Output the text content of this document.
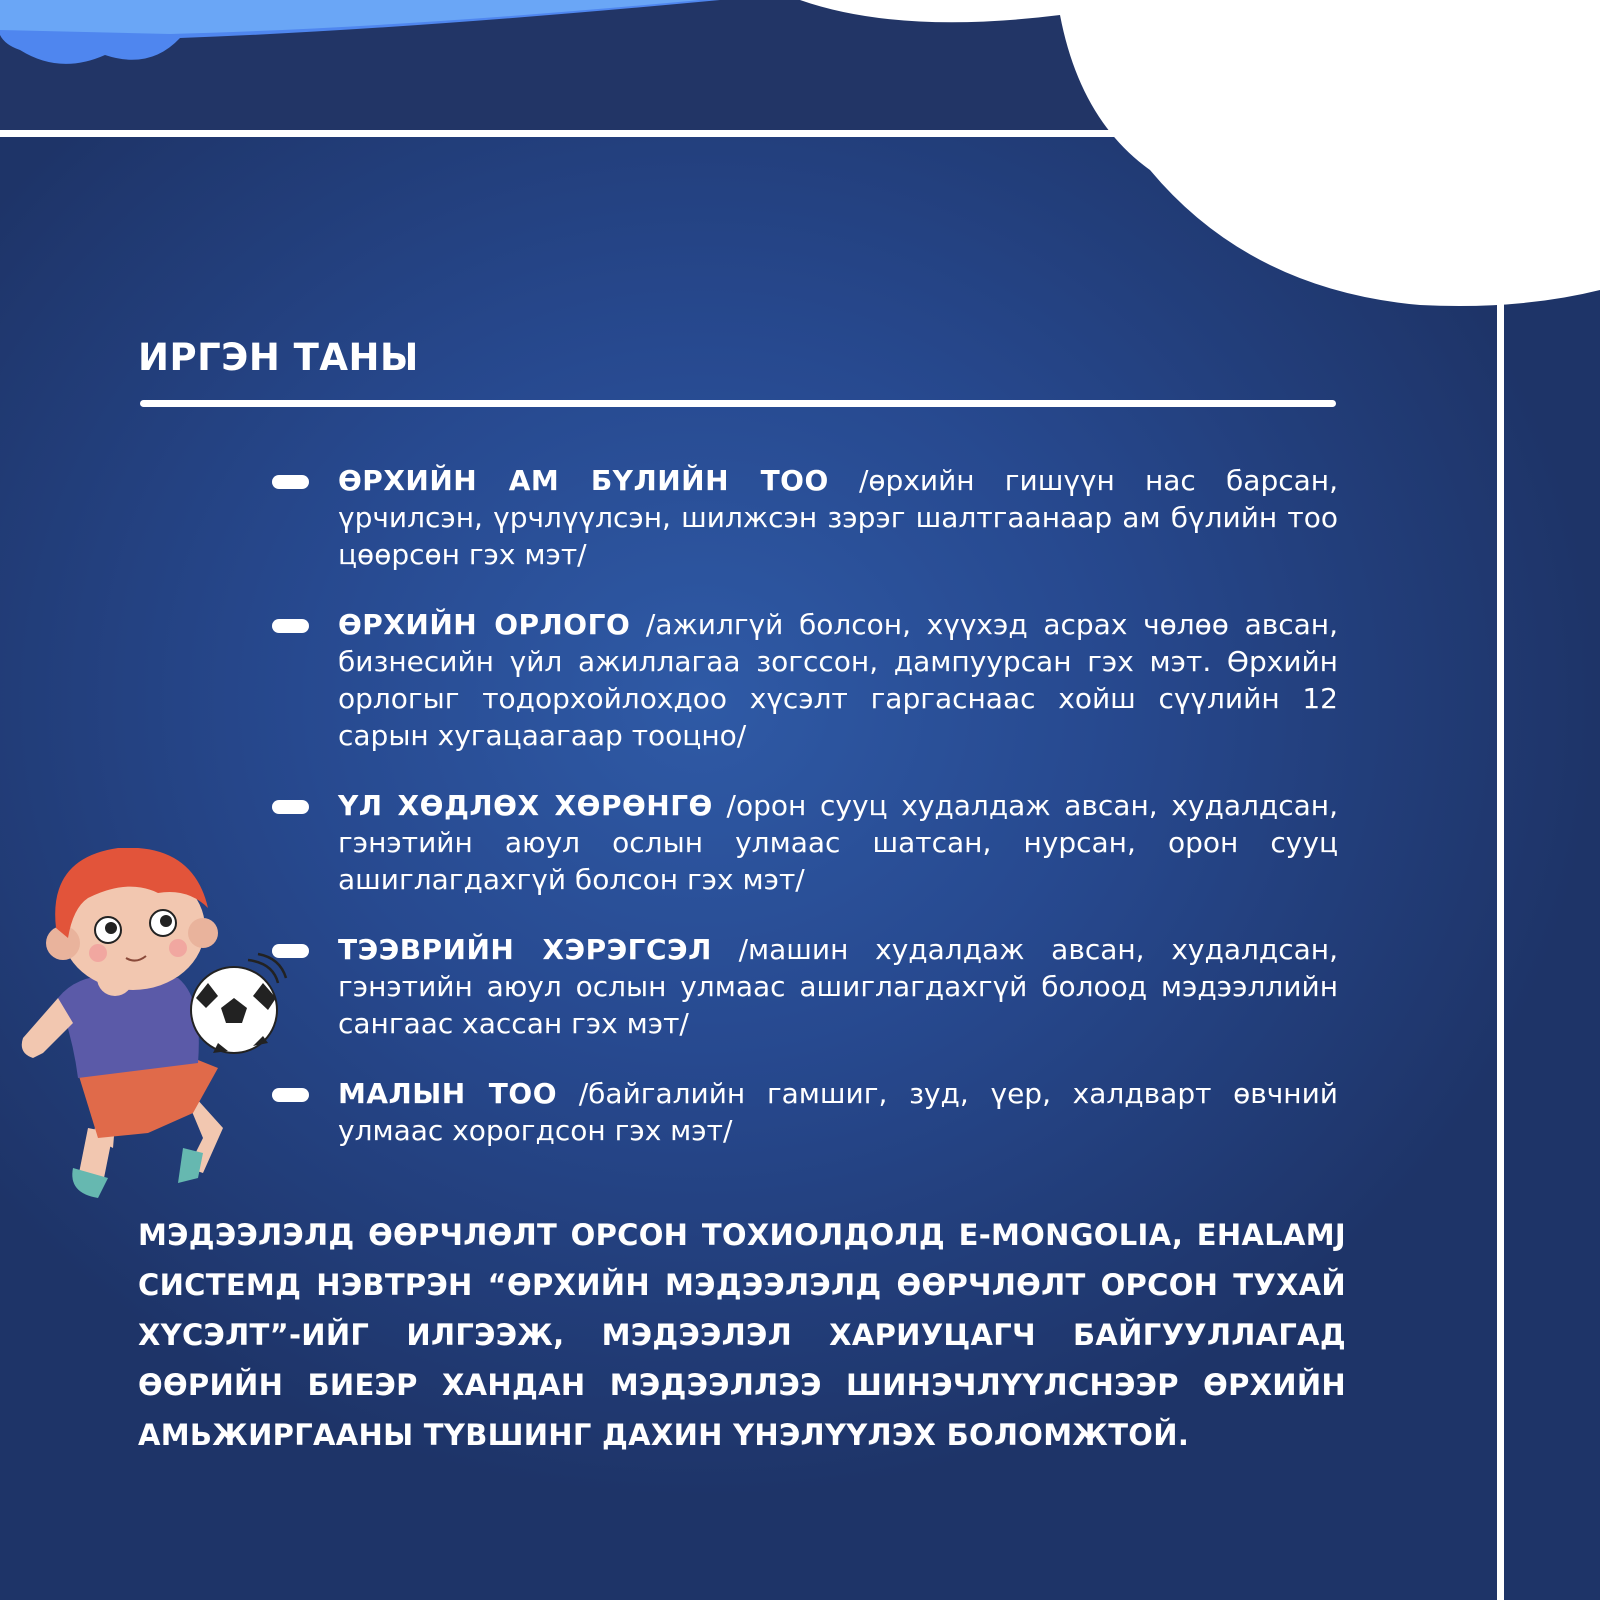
ИРГЭН ТАНЫ
ӨРХИЙН АМ БҮЛИЙН ТОО /өрхийн гишүүн нас барсан, үрчилсэн, үрчлүүлсэн, шилжсэн зэрэг шалтгаанаар ам бүлийн тоо цөөрсөн гэх мэт/
ӨРХИЙН ОРЛОГО /ажилгүй болсон, хүүхэд асрах чөлөө авсан, бизнесийн үйл ажиллагаа зогссон, дампуурсан гэх мэт. Өрхийн орлогыг тодорхойлохдоо хүсэлт гаргаснаас хойш сүүлийн 12 сарын хугацаагаар тооцно/
ҮЛ ХӨДЛӨХ ХӨРӨНГӨ /орон сууц худалдаж авсан, худалдсан, гэнэтийн аюул ослын улмаас шатсан, нурсан, орон сууц ашиглагдахгүй болсон гэх мэт/
ТЭЭВРИЙН ХЭРЭГСЭЛ /машин худалдаж авсан, худалдсан, гэнэтийн аюул ослын улмаас ашиглагдахгүй болоод мэдээллийн сангаас хассан гэх мэт/
МАЛЫН ТОО /байгалийн гамшиг, зуд, үер, халдварт өвчний улмаас хорогдсон гэх мэт/
МЭДЭЭЛЭЛД ӨӨРЧЛӨЛТ ОРСОН ТОХИОЛДОЛД E-MONGOLIA, EHALAMJ СИСТЕМД НЭВТРЭН “ӨРХИЙН МЭДЭЭЛЭЛД ӨӨРЧЛӨЛТ ОРСОН ТУХАЙ ХҮСЭЛТ”-ИЙГ ИЛГЭЭЖ, МЭДЭЭЛЭЛ ХАРИУЦАГЧ БАЙГУУЛЛАГАД ӨӨРИЙН БИЕЭР ХАНДАН МЭДЭЭЛЛЭЭ ШИНЭЧЛҮҮЛСНЭЭР ӨРХИЙН АМЬЖИРГААНЫ ТҮВШИНГ ДАХИН ҮНЭЛҮҮЛЭХ БОЛОМЖТОЙ.
